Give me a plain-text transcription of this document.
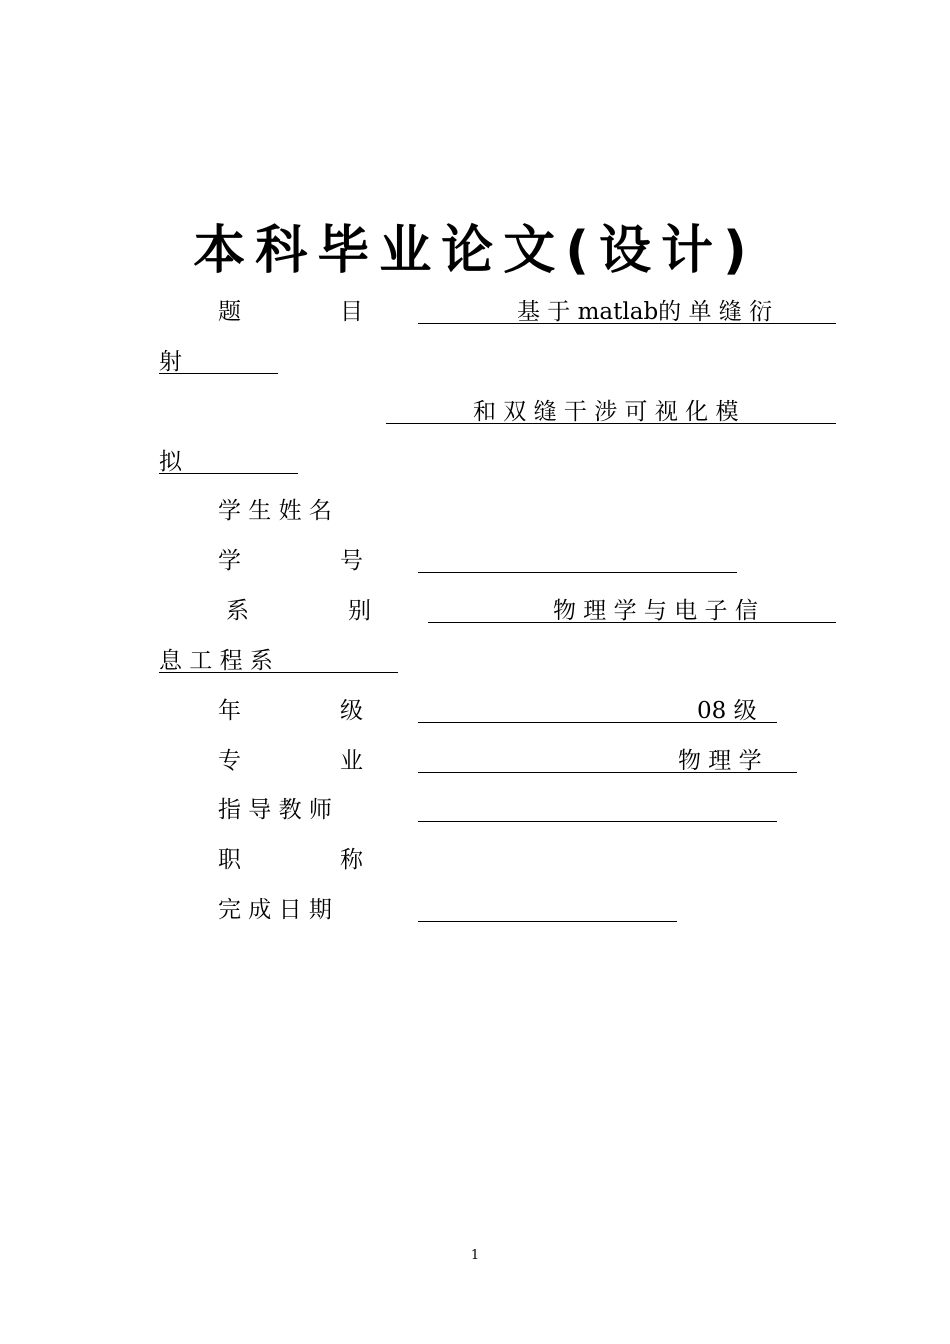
本科毕业论文(设计)
题	目	基 于 matlab的 单 缝 衍
射
和 双 缝 干 涉 可 视 化 模
拟
学 生 姓 名
学	号
系	别	物 理 学 与 电 子 信
息 工 程 系
年	级	08 级
专	业	物 理 学
指 导 教 师
职	称
完 成 日 期
1
